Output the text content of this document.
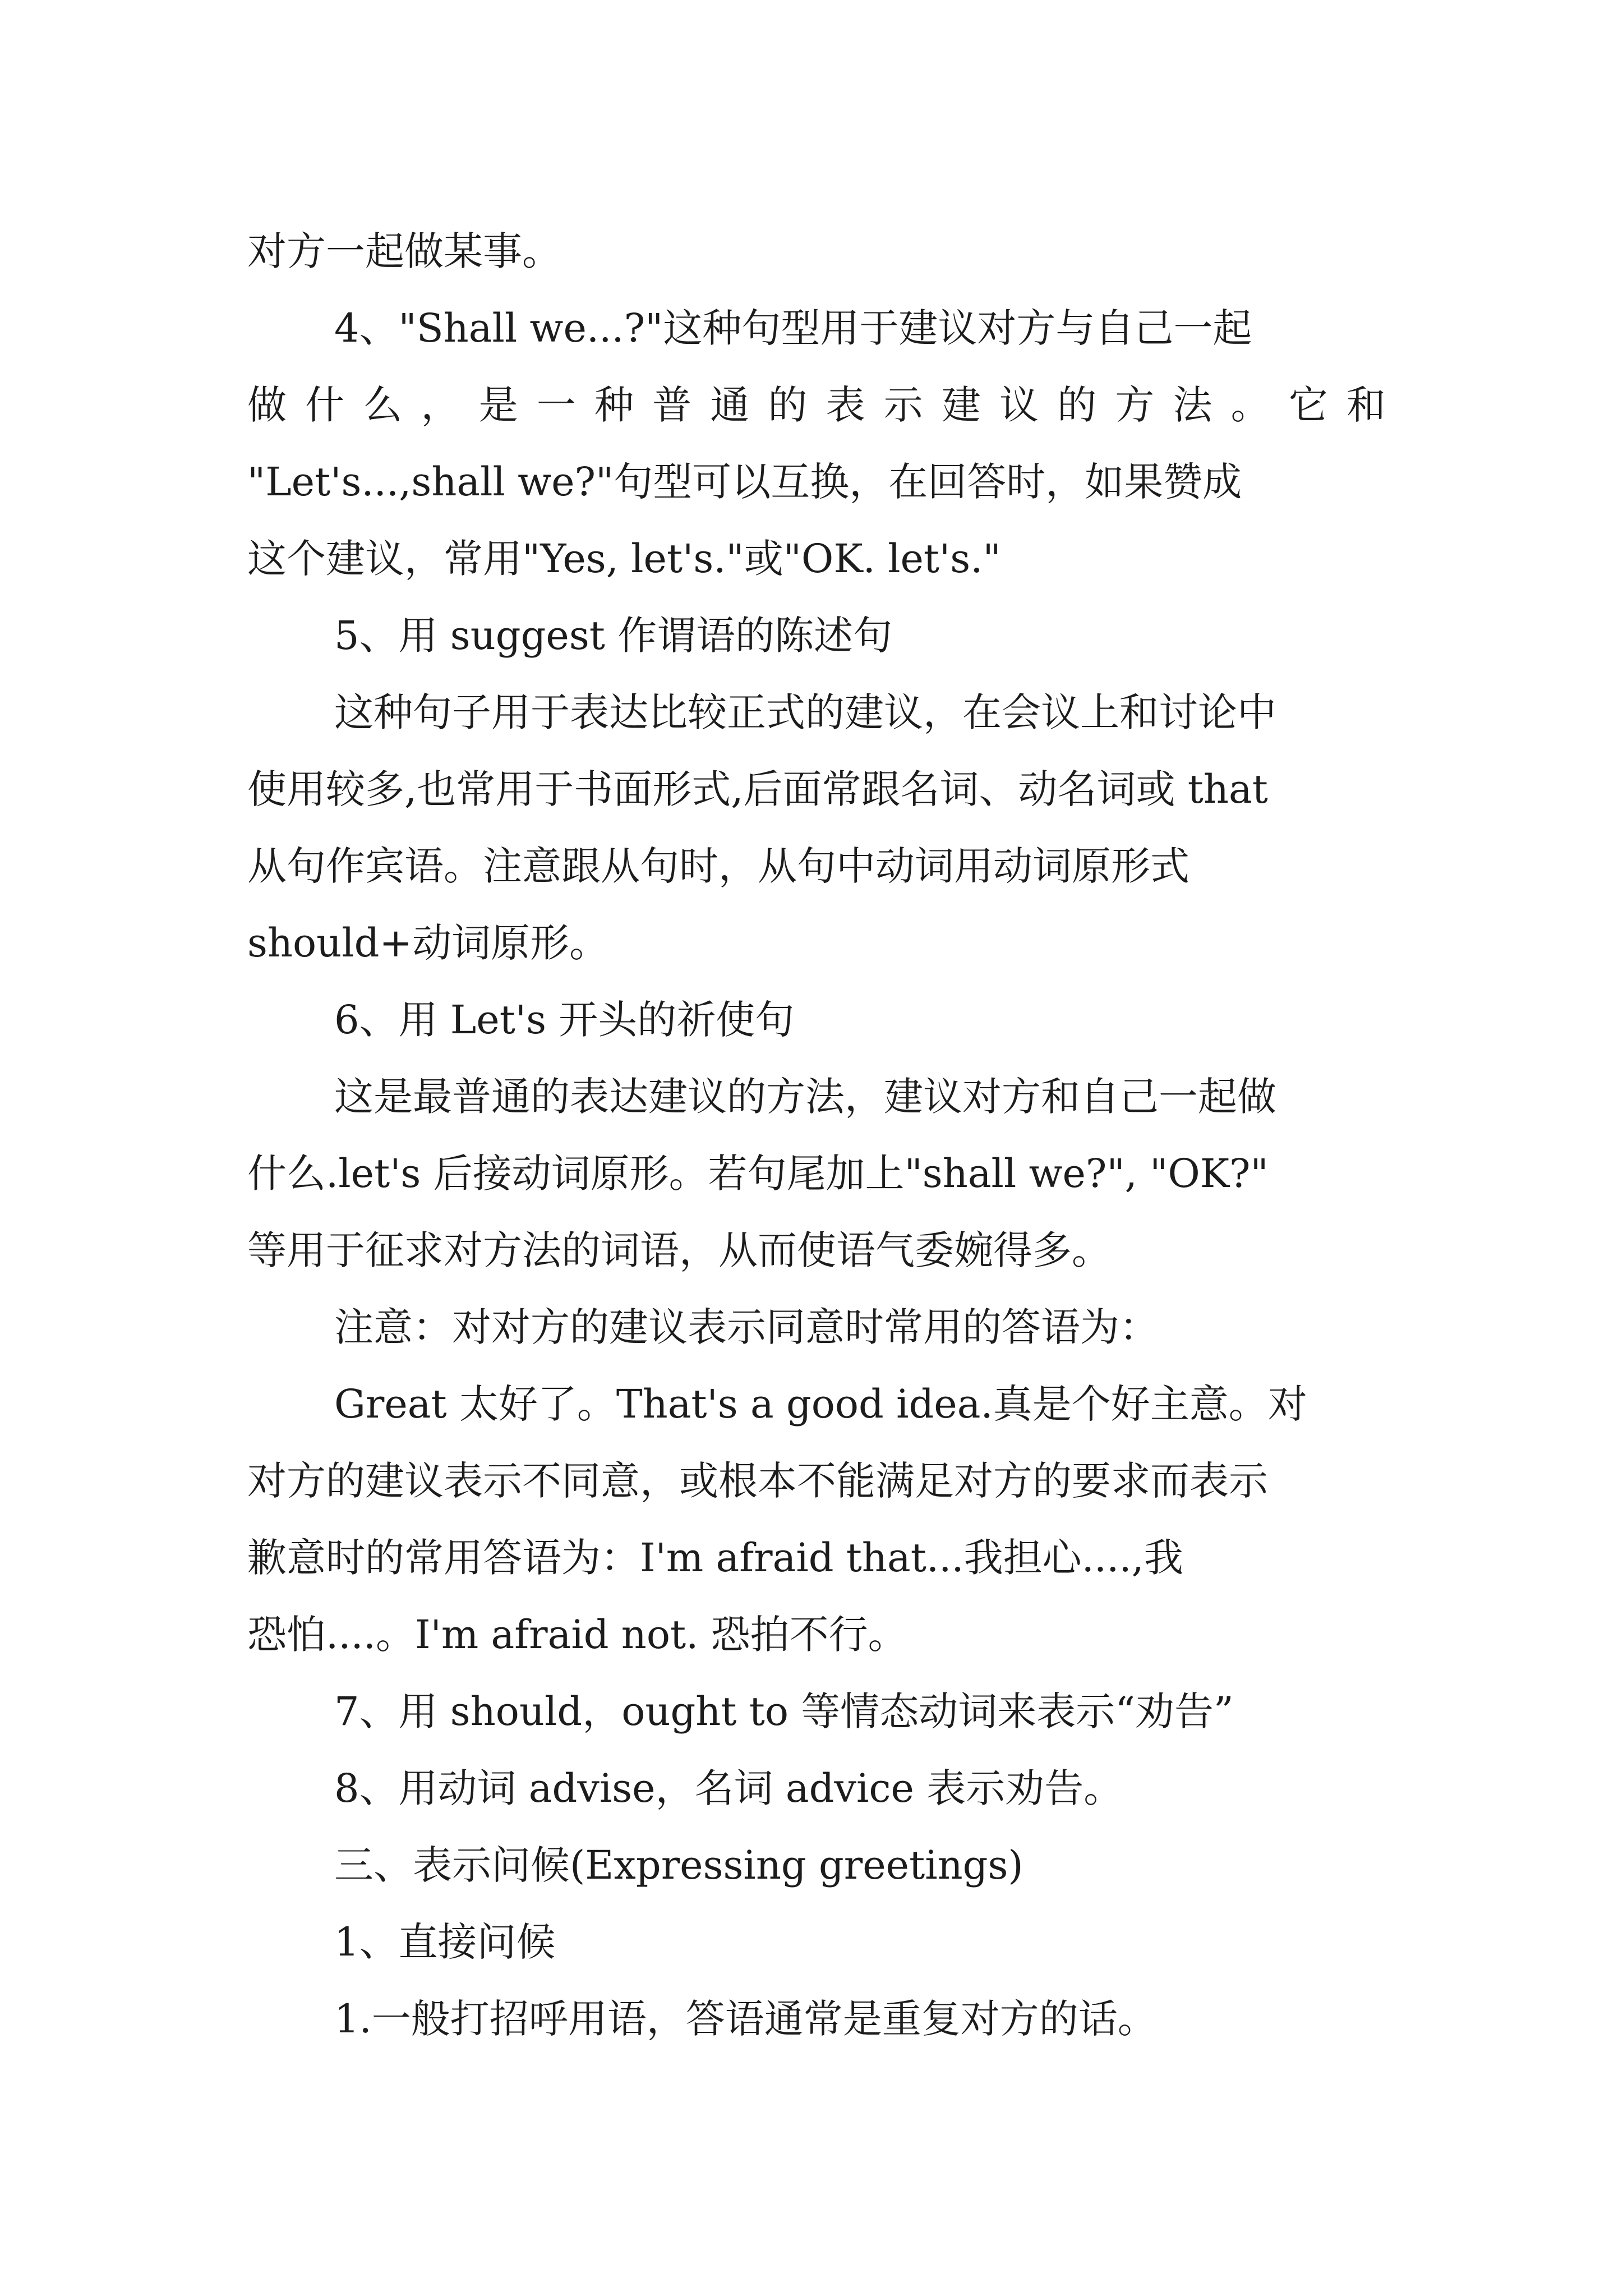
对方一起做某事。
4、"Shall we...?"这种句型用于建议对方与自己一起
做 什 么 ， 是 一 种 普 通 的 表 示 建 议 的 方 法 。 它 和
"Let's...,shall we?"句型可以互换，在回答时，如果赞成
这个建议，常用"Yes, let's."或"OK. let's."
5、用 suggest 作谓语的陈述句
这种句子用于表达比较正式的建议，在会议上和讨论中
使用较多,也常用于书面形式,后面常跟名词、动名词或 that
从句作宾语。注意跟从句时，从句中动词用动词原形式
should+动词原形。
6、用 Let's 开头的祈使句
这是最普通的表达建议的方法，建议对方和自己一起做
什么.let's 后接动词原形。若句尾加上"shall we?", "OK?"
等用于征求对方法的词语，从而使语气委婉得多。
注意：对对方的建议表示同意时常用的答语为：
Great 太好了。That's a good idea.真是个好主意。对
对方的建议表示不同意，或根本不能满足对方的要求而表示
歉意时的常用答语为：I'm afraid that...我担心....,我
恐怕....。I'm afraid not. 恐拍不行。
7、用 should，ought to 等情态动词来表示“劝告”
8、用动词 advise，名词 advice 表示劝告。
三、表示问候(Expressing greetings)
1、直接问候
1.一般打招呼用语，答语通常是重复对方的话。
